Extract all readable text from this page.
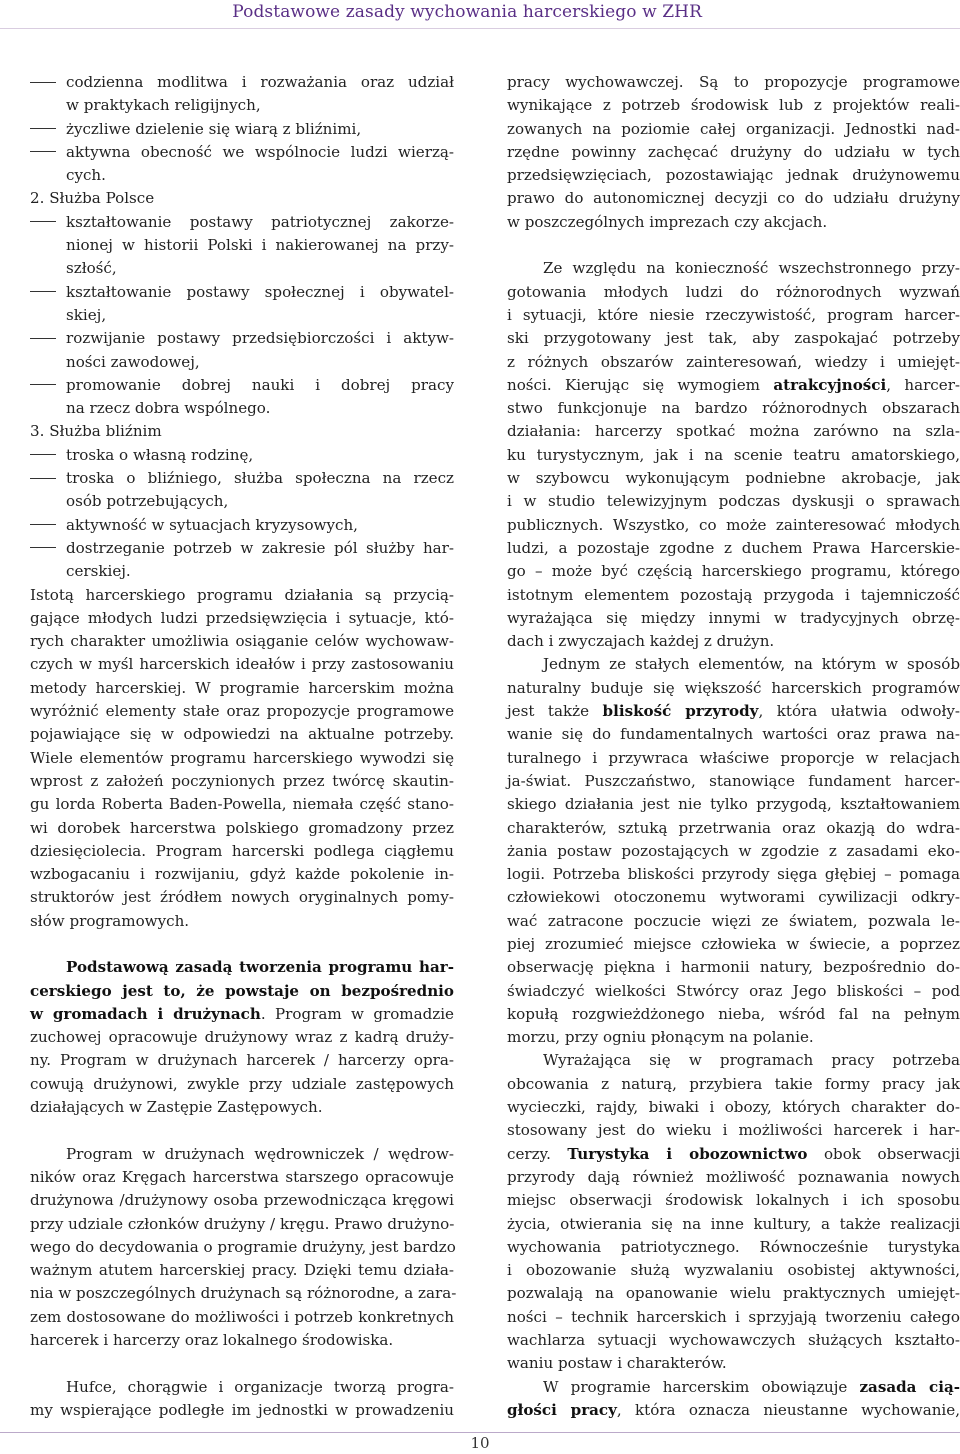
Podstawowe zasady wychowania harcerskiego w ZHR
codzienna modlitwa i rozważania oraz udział
w praktykach religijnych,
życzliwe dzielenie się wiarą z bliźnimi,
aktywna obecność we wspólnocie ludzi wierzą-
cych.
2. Służba Polsce
kształtowanie postawy patriotycznej zakorze-
nionej w historii Polski i nakierowanej na przy-
szłość,
kształtowanie postawy społecznej i obywatel-
skiej,
rozwijanie postawy przedsiębiorczości i aktyw-
ności zawodowej,
promowanie dobrej nauki i dobrej pracy
na rzecz dobra wspólnego.
3. Służba bliźnim
troska o własną rodzinę,
troska o bliźniego, służba społeczna na rzecz
osób potrzebujących,
aktywność w sytuacjach kryzysowych,
dostrzeganie potrzeb w zakresie pól służby har-
cerskiej.
Istotą harcerskiego programu działania są przycią-
gające młodych ludzi przedsięwzięcia i sytuacje, któ-
rych charakter umożliwia osiąganie celów wychowaw-
czych w myśl harcerskich ideałów i przy zastosowaniu
metody harcerskiej. W programie harcerskim można
wyróżnić elementy stałe oraz propozycje programowe
pojawiające się w odpowiedzi na aktualne potrzeby.
Wiele elementów programu harcerskiego wywodzi się
wprost z założeń poczynionych przez twórcę skautin-
gu lorda Roberta Baden-Powella, niemała część stano-
wi dorobek harcerstwa polskiego gromadzony przez
dziesięciolecia. Program harcerski podlega ciągłemu
wzbogacaniu i rozwijaniu, gdyż każde pokolenie in-
struktorów jest źródłem nowych oryginalnych pomy-
słów programowych.
Podstawową zasadą tworzenia programu har-
cerskiego jest to, że powstaje on bezpośrednio
w gromadach i drużynach. Program w gromadzie
zuchowej opracowuje drużynowy wraz z kadrą druży-
ny. Program w drużynach harcerek / harcerzy opra-
cowują drużynowi, zwykle przy udziale zastępowych
działających w Zastępie Zastępowych.
Program w drużynach wędrowniczek / wędrow-
ników oraz Kręgach harcerstwa starszego opracowuje
drużynowa /drużynowy osoba przewodnicząca kręgowi
przy udziale członków drużyny / kręgu. Prawo drużyno-
wego do decydowania o programie drużyny, jest bardzo
ważnym atutem harcerskiej pracy. Dzięki temu działa-
nia w poszczególnych drużynach są różnorodne, a zara-
zem dostosowane do możliwości i potrzeb konkretnych
harcerek i harcerzy oraz lokalnego środowiska.
Hufce, chorągwie i organizacje tworzą progra-
my wspierające podległe im jednostki w prowadzeniu
pracy wychowawczej. Są to propozycje programowe
wynikające z potrzeb środowisk lub z projektów reali-
zowanych na poziomie całej organizacji. Jednostki nad-
rzędne powinny zachęcać drużyny do udziału w tych
przedsięwzięciach, pozostawiając jednak drużynowemu
prawo do autonomicznej decyzji co do udziału drużyny
w poszczególnych imprezach czy akcjach.
Ze względu na konieczność wszechstronnego przy-
gotowania młodych ludzi do różnorodnych wyzwań
i sytuacji, które niesie rzeczywistość, program harcer-
ski przygotowany jest tak, aby zaspokajać potrzeby
z różnych obszarów zainteresowań, wiedzy i umiejęt-
ności. Kierując się wymogiem atrakcyjności, harcer-
stwo funkcjonuje na bardzo różnorodnych obszarach
działania: harcerzy spotkać można zarówno na szla-
ku turystycznym, jak i na scenie teatru amatorskiego,
w szybowcu wykonującym podniebne akrobacje, jak
i w studio telewizyjnym podczas dyskusji o sprawach
publicznych. Wszystko, co może zainteresować młodych
ludzi, a pozostaje zgodne z duchem Prawa Harcerskie-
go – może być częścią harcerskiego programu, którego
istotnym elementem pozostają przygoda i tajemniczość
wyrażająca się między innymi w tradycyjnych obrzę-
dach i zwyczajach każdej z drużyn.
Jednym ze stałych elementów, na którym w sposób
naturalny buduje się większość harcerskich programów
jest także bliskość przyrody, która ułatwia odwoły-
wanie się do fundamentalnych wartości oraz prawa na-
turalnego i przywraca właściwe proporcje w relacjach
ja-świat. Puszczaństwo, stanowiące fundament harcer-
skiego działania jest nie tylko przygodą, kształtowaniem
charakterów, sztuką przetrwania oraz okazją do wdra-
żania postaw pozostających w zgodzie z zasadami eko-
logii. Potrzeba bliskości przyrody sięga głębiej – pomaga
człowiekowi otoczonemu wytworami cywilizacji odkry-
wać zatracone poczucie więzi ze światem, pozwala le-
piej zrozumieć miejsce człowieka w świecie, a poprzez
obserwację piękna i harmonii natury, bezpośrednio do-
świadczyć wielkości Stwórcy oraz Jego bliskości – pod
kopułą rozgwieżdżonego nieba, wśród fal na pełnym
morzu, przy ogniu płonącym na polanie.
Wyrażająca się w programach pracy potrzeba
obcowania z naturą, przybiera takie formy pracy jak
wycieczki, rajdy, biwaki i obozy, których charakter do-
stosowany jest do wieku i możliwości harcerek i har-
cerzy. Turystyka i obozownictwo obok obserwacji
przyrody dają również możliwość poznawania nowych
miejsc obserwacji środowisk lokalnych i ich sposobu
życia, otwierania się na inne kultury, a także realizacji
wychowania patriotycznego. Równocześnie turystyka
i obozowanie służą wyzwalaniu osobistej aktywności,
pozwalają na opanowanie wielu praktycznych umiejęt-
ności – technik harcerskich i sprzyjają tworzeniu całego
wachlarza sytuacji wychowawczych służących kształto-
waniu postaw i charakterów.
W programie harcerskim obowiązuje zasada cią-
głości pracy, która oznacza nieustanne wychowanie,
10
